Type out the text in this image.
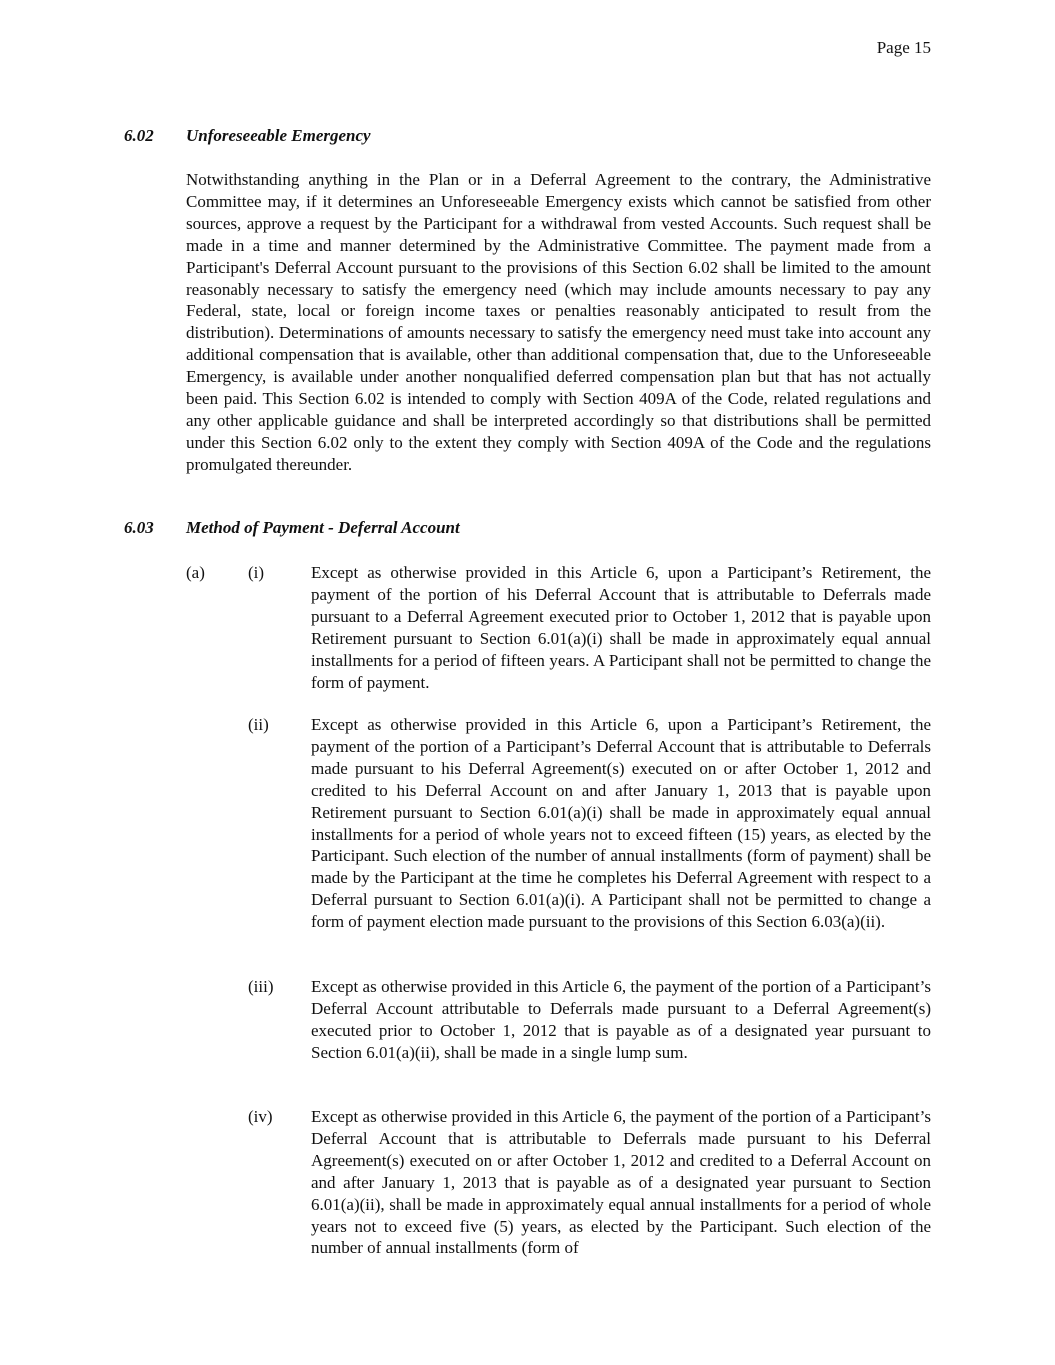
Page 15
6.02 Unforeseeable Emergency

Notwithstanding anything in the Plan or in a Deferral Agreement to the contrary, the Administrative Committee may, if it determines an Unforeseeable Emergency exists which cannot be satisfied from other sources, approve a request by the Participant for a withdrawal from vested Accounts. Such request shall be made in a time and manner determined by the Administrative Committee. The payment made from a Participant's Deferral Account pursuant to the provisions of this Section 6.02 shall be limited to the amount reasonably necessary to satisfy the emergency need (which may include amounts necessary to pay any Federal, state, local or foreign income taxes or penalties reasonably anticipated to result from the distribution). Determinations of amounts necessary to satisfy the emergency need must take into account any additional compensation that is available, other than additional compensation that, due to the Unforeseeable Emergency, is available under another nonqualified deferred compensation plan but that has not actually been paid. This Section 6.02 is intended to comply with Section 409A of the Code, related regulations and any other applicable guidance and shall be interpreted accordingly so that distributions shall be permitted under this Section 6.02 only to the extent they comply with Section 409A of the Code and the regulations promulgated thereunder.

6.03 Method of Payment - Deferral Account
(a)	(i)	Except as otherwise provided in this Article 6, upon a Participant’s Retirement, the payment of the portion of his Deferral Account that is attributable to Deferrals made pursuant to a Deferral Agreement executed prior to October 1, 2012 that is payable upon Retirement pursuant to Section 6.01(a)(i) shall be made in approximately equal annual installments for a period of fifteen years. A Participant shall not be permitted to change the form of payment.

(ii) Except as otherwise provided in this Article 6, upon a Participant’s Retirement, the payment of the portion of a Participant’s Deferral Account that is attributable to Deferrals made pursuant to his Deferral Agreement(s) executed on or after October 1, 2012 and credited to his Deferral Account on and after January 1, 2013 that is payable upon Retirement pursuant to Section 6.01(a)(i) shall be made in approximately equal annual installments for a period of whole years not to exceed fifteen (15) years, as elected by the Participant. Such election of the number of annual installments (form of payment) shall be made by the Participant at the time he completes his Deferral Agreement with respect to a Deferral pursuant to Section 6.01(a)(i). A Participant shall not be permitted to change a form of payment election made pursuant to the provisions of this Section 6.03(a)(ii).

(iii) Except as otherwise provided in this Article 6, the payment of the portion of a Participant’s Deferral Account attributable to Deferrals made pursuant to a Deferral Agreement(s) executed prior to October 1, 2012 that is payable as of a designated year pursuant to Section 6.01(a)(ii), shall be made in a single lump sum.

(iv) Except as otherwise provided in this Article 6, the payment of the portion of a Participant’s Deferral Account that is attributable to Deferrals made pursuant to his Deferral Agreement(s) executed on or after October 1, 2012 and credited to a Deferral Account on and after January 1, 2013 that is payable as of a designated year pursuant to Section 6.01(a)(ii), shall be made in approximately equal annual installments for a period of whole years not to exceed five (5) years, as elected by the Participant. Such election of the number of annual installments (form of
